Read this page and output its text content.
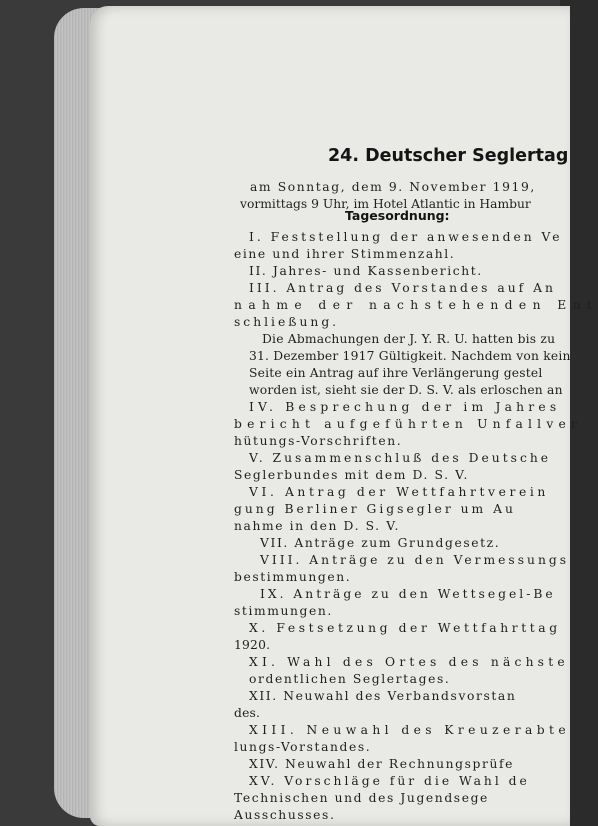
24. Deutscher Seglertag
am Sonntag, dem 9. November 1919,
vormittags 9 Uhr, im Hotel Atlantic in Hambur
Tagesordnung:
I. Feststellung der anwesenden Ve
eine und ihrer Stimmenzahl.
II. Jahres- und Kassenbericht.
III. Antrag des Vorstandes auf An
nahme der nachstehenden Ent
schließung.
Die Abmachungen der J. Y. R. U. hatten bis zu
31. Dezember 1917 Gültigkeit. Nachdem von kein
Seite ein Antrag auf ihre Verlängerung gestel
worden ist, sieht sie der D. S. V. als erloschen an
IV. Besprechung der im Jahres
bericht aufgeführten Unfallver
hütungs-Vorschriften.
V. Zusammenschluß des Deutsche
Seglerbundes mit dem D. S. V.
VI. Antrag der Wettfahrtverein
gung Berliner Gigsegler um Au
nahme in den D. S. V.
VII. Anträge zum Grundgesetz.
VIII. Anträge zu den Vermessungs
bestimmungen.
IX. Anträge zu den Wettsegel-Be
stimmungen.
X. Festsetzung der Wettfahrttag
1920.
XI. Wahl des Ortes des nächste
ordentlichen Seglertages.
XII. Neuwahl des Verbandsvorstan
des.
XIII. Neuwahl des Kreuzerabte
lungs-Vorstandes.
XIV. Neuwahl der Rechnungsprüfe
XV. Vorschläge für die Wahl de
Technischen und des Jugendsege
Ausschusses.
